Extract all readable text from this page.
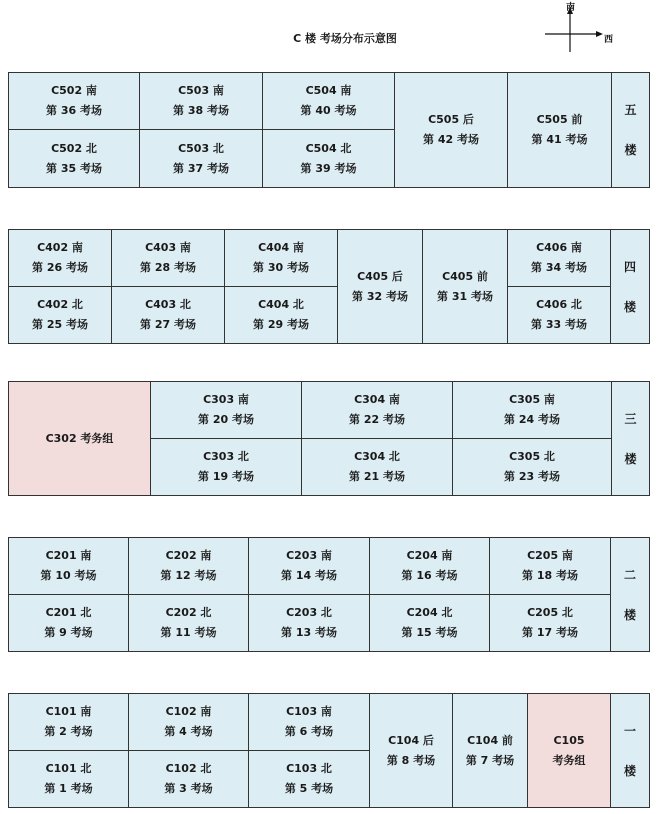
C 楼 考场分布示意图
南
西
C502 南
第 36 考场
C503 南
第 38 考场
C504 南
第 40 考场
C505 后
第 42 考场
C505 前
第 41 考场
C502 北
第 35 考场
C503 北
第 37 考场
C504 北
第 39 考场
五
楼
C402 南
第 26 考场
C403 南
第 28 考场
C404 南
第 30 考场
C405 后
第 32 考场
C405 前
第 31 考场
C406 南
第 34 考场
C402 北
第 25 考场
C403 北
第 27 考场
C404 北
第 29 考场
C406 北
第 33 考场
四
楼
C302 考务组
C303 南
第 20 考场
C304 南
第 22 考场
C305 南
第 24 考场
C303 北
第 19 考场
C304 北
第 21 考场
C305 北
第 23 考场
三
楼
C201 南
第 10 考场
C202 南
第 12 考场
C203 南
第 14 考场
C204 南
第 16 考场
C205 南
第 18 考场
C201 北
第 9 考场
C202 北
第 11 考场
C203 北
第 13 考场
C204 北
第 15 考场
C205 北
第 17 考场
二
楼
C101 南
第 2 考场
C102 南
第 4 考场
C103 南
第 6 考场
C104 后
第 8 考场
C104 前
第 7 考场
C105
考务组
C101 北
第 1 考场
C102 北
第 3 考场
C103 北
第 5 考场
一
楼
